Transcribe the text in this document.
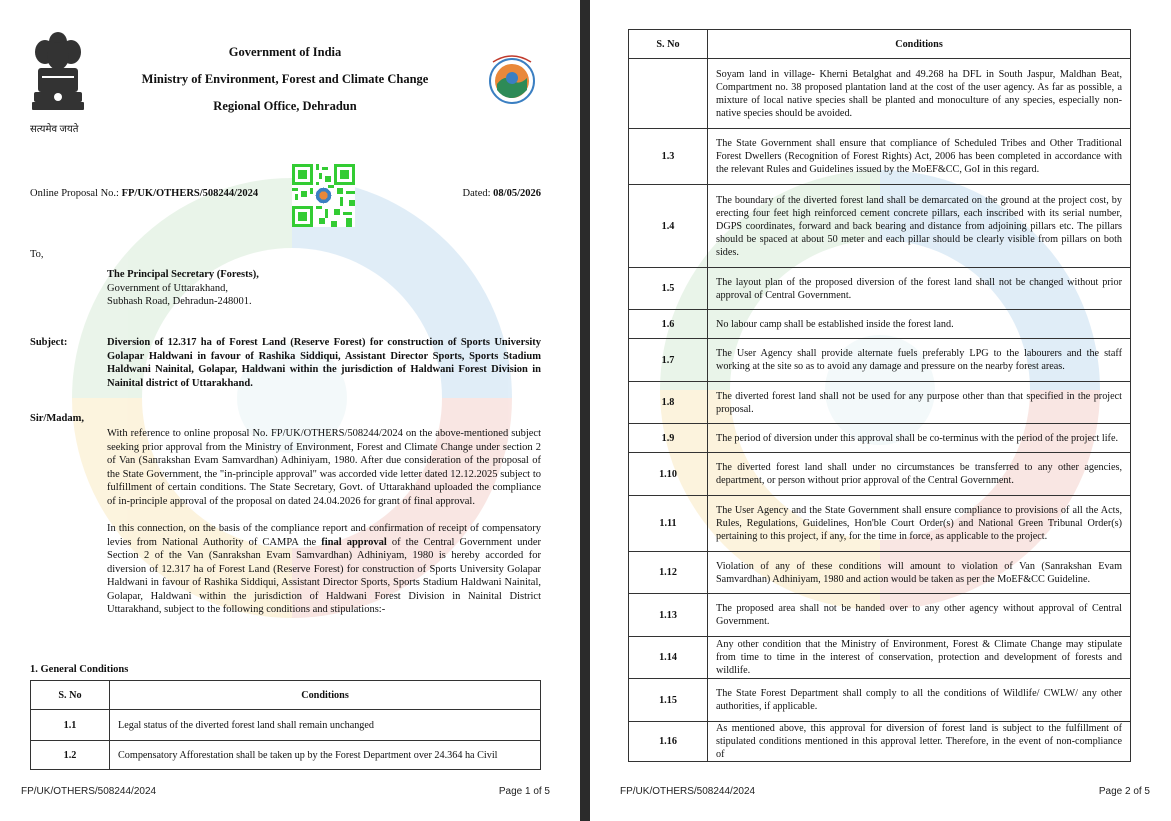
सत्यमेव जयते
Government of India
Ministry of Environment, Forest and Climate Change
Regional Office, Dehradun
Online Proposal No.: FP/UK/OTHERS/508244/2024	Dated: 08/05/2026
To,
The Principal Secretary (Forests),
Government of Uttarakhand,
Subhash Road, Dehradun-248001.
Subject:	Diversion of 12.317 ha of Forest Land (Reserve Forest) for construction of Sports University Golapar Haldwani in favour of Rashika Siddiqui, Assistant Director Sports, Sports Stadium Haldwani Nainital, Golapar, Haldwani within the jurisdiction of Haldwani Forest Division in Nainital district of Uttarakhand.
Sir/Madam,
With reference to online proposal No. FP/UK/OTHERS/508244/2024 on the above-mentioned subject seeking prior approval from the Ministry of Environment, Forest and Climate Change under section 2 of Van (Sanrakshan Evam Samvardhan) Adhiniyam, 1980. After due consideration of the proposal of the State Government, the "in-principle approval" was accorded vide letter dated 12.12.2025 subject to fulfillment of certain conditions. The State Secretary, Govt. of Uttarakhand uploaded the compliance of in-principle approval of the proposal on dated 24.04.2026 for grant of final approval.
In this connection, on the basis of the compliance report and confirmation of receipt of compensatory levies from National Authority of CAMPA the final approval of the Central Government under Section 2 of the Van (Sanrakshan Evam Samvardhan) Adhiniyam, 1980 is hereby accorded for diversion of 12.317 ha of Forest Land (Reserve Forest) for construction of Sports University Golapar Haldwani in favour of Rashika Siddiqui, Assistant Director Sports, Sports Stadium Haldwani Nainital, Golapar, Haldwani within the jurisdiction of Haldwani Forest Division in Nainital District Uttarakhand, subject to the following conditions and stipulations:-
1. General Conditions
S. No	Conditions
1.1	Legal status of the diverted forest land shall remain unchanged
1.2	Compensatory Afforestation shall be taken up by the Forest Department over 24.364 ha Civil
FP/UK/OTHERS/508244/2024	Page 1 of 5
S. No	Conditions
	Soyam land in village- Kherni Betalghat and 49.268 ha DFL in South Jaspur, Maldhan Beat, Compartment no. 38 proposed plantation land at the cost of the user agency. As far as possible, a mixture of local native species shall be planted and monoculture of any species, especially non-native species should be avoided.
1.3	The State Government shall ensure that compliance of Scheduled Tribes and Other Traditional Forest Dwellers (Recognition of Forest Rights) Act, 2006 has been completed in accordance with the relevant Rules and Guidelines issued by the MoEF&CC, GoI in this regard.
1.4	The boundary of the diverted forest land shall be demarcated on the ground at the project cost, by erecting four feet high reinforced cement concrete pillars, each inscribed with its serial number, DGPS coordinates, forward and back bearing and distance from adjoining pillars etc. The pillars should be spaced at about 50 meter and each pillar should be clearly visible from pillars on both sides.
1.5	The layout plan of the proposed diversion of the forest land shall not be changed without prior approval of Central Government.
1.6	No labour camp shall be established inside the forest land.
1.7	The User Agency shall provide alternate fuels preferably LPG to the labourers and the staff working at the site so as to avoid any damage and pressure on the nearby forest areas.
1.8	The diverted forest land shall not be used for any purpose other than that specified in the project proposal.
1.9	The period of diversion under this approval shall be co-terminus with the period of the project life.
1.10	The diverted forest land shall under no circumstances be transferred to any other agencies, department, or person without prior approval of the Central Government.
1.11	The User Agency and the State Government shall ensure compliance to provisions of all the Acts, Rules, Regulations, Guidelines, Hon'ble Court Order(s) and National Green Tribunal Order(s) pertaining to this project, if any, for the time in force, as applicable to the project.
1.12	Violation of any of these conditions will amount to violation of Van (Sanrakshan Evam Samvardhan) Adhiniyam, 1980 and action would be taken as per the MoEF&CC Guideline.
1.13	The proposed area shall not be handed over to any other agency without approval of Central Government.
1.14	Any other condition that the Ministry of Environment, Forest & Climate Change may stipulate from time to time in the interest of conservation, protection and development of forests and wildlife.
1.15	The State Forest Department shall comply to all the conditions of Wildlife/ CWLW/ any other authorities, if applicable.
1.16	As mentioned above, this approval for diversion of forest land is subject to the fulfillment of stipulated conditions mentioned in this approval letter. Therefore, in the event of non-compliance of
FP/UK/OTHERS/508244/2024	Page 2 of 5
